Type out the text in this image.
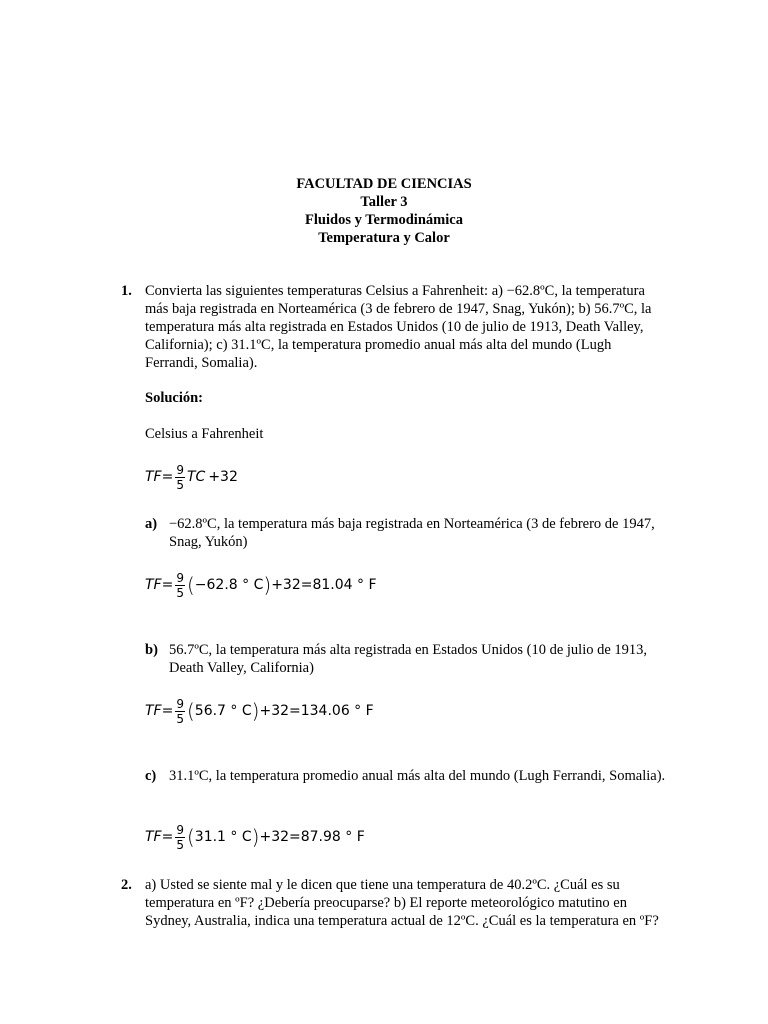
FACULTAD DE CIENCIAS
Taller 3
Fluidos y Termodinámica
Temperatura y Calor
1. Convierta las siguientes temperaturas Celsius a Fahrenheit: a) −62.8ºC, la temperatura más baja registrada en Norteamérica (3 de febrero de 1947, Snag, Yukón); b) 56.7ºC, la temperatura más alta registrada en Estados Unidos (10 de julio de 1913, Death Valley, California); c) 31.1ºC, la temperatura promedio anual más alta del mundo (Lugh Ferrandi, Somalia).
Solución:
Celsius a Fahrenheit
TF = $\frac{9}{5}$ TC +32
a) −62.8ºC, la temperatura más baja registrada en Norteamérica (3 de febrero de 1947, Snag, Yukón)
TF = $\frac{9}{5}$ ( −62.8 ° C ) +32=81.04 ° F
b) 56.7ºC, la temperatura más alta registrada en Estados Unidos (10 de julio de 1913, Death Valley, California)
TF = $\frac{9}{5}$ ( 56.7 ° C ) +32=134.06 ° F
c) 31.1ºC, la temperatura promedio anual más alta del mundo (Lugh Ferrandi, Somalia).
TF = $\frac{9}{5}$ ( 31.1 ° C ) +32=87.98 ° F
2. a) Usted se siente mal y le dicen que tiene una temperatura de 40.2ºC. ¿Cuál es su temperatura en ºF? ¿Debería preocuparse? b) El reporte meteorológico matutino en Sydney, Australia, indica una temperatura actual de 12ºC. ¿Cuál es la temperatura en ºF?
